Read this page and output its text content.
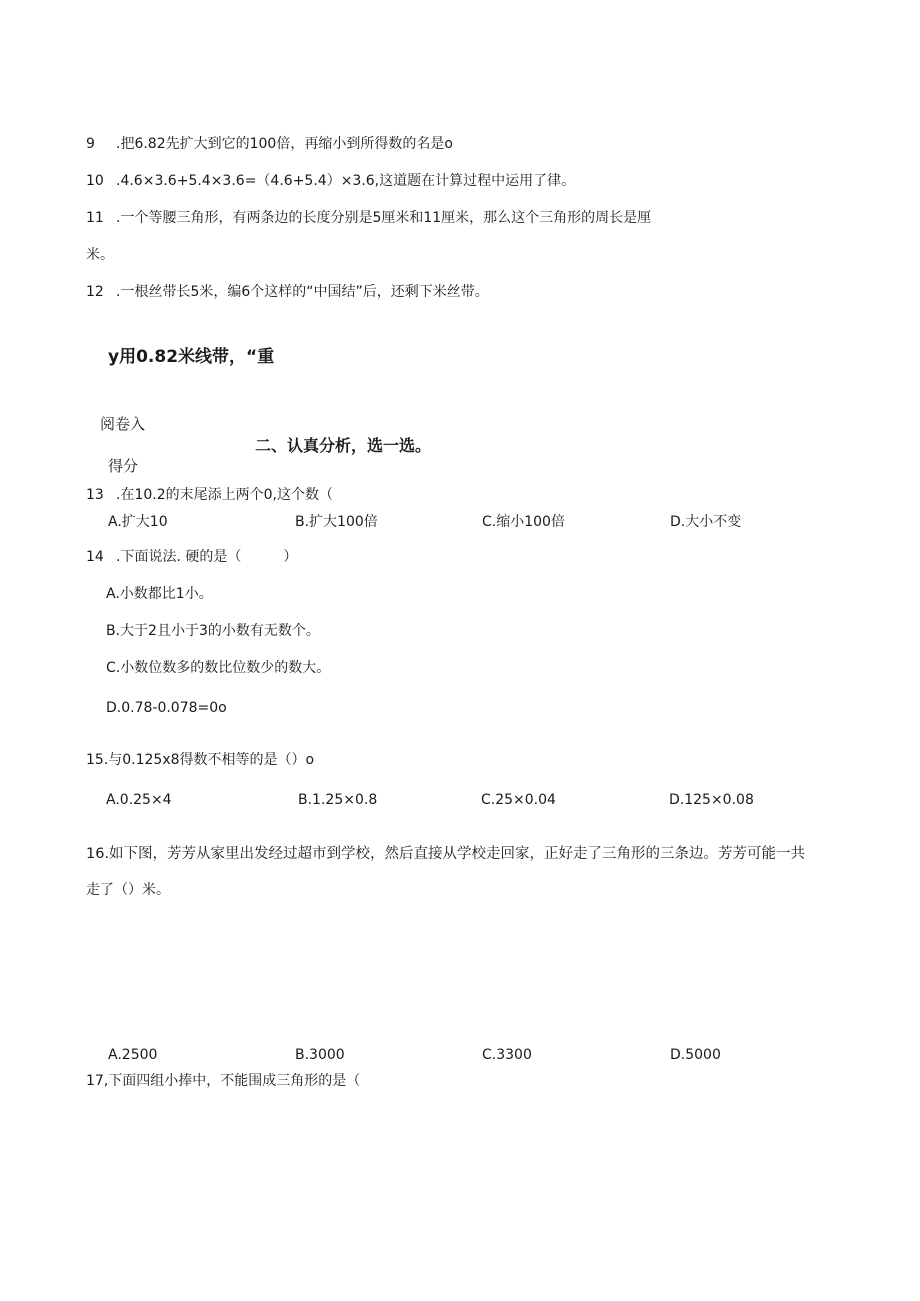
9 .把6.82先扩大到它的100倍，再缩小到所得数的名是o
10 .4.6×3.6+5.4×3.6=（4.6+5.4）×3.6,这道题在计算过程中运用了律。
11 .一个等腰三角形，有两条边的长度分别是5厘米和11厘米，那么这个三角形的周长是厘
米。
12 .一根丝带长5米，编6个这样的“中国结”后，还剩下米丝带。
y用0.82米线带，“重
阅卷入
二、认真分析，选一选。
得分
13 .在10.2的末尾添上两个0,这个数（
A.扩大10	B.扩大100倍	C.缩小100倍	D.大小不变
14 .下面说法. 硬的是（　　　）
A.小数都比1小。
B.大于2且小于3的小数有无数个。
C.小数位数多的数比位数少的数大。
D.0.78-0.078=0o
15.与0.125x8得数不相等的是（）o
A.0.25×4	B.1.25×0.8	C.25×0.04	D.125×0.08
16.如下图，芳芳从家里出发经过超市到学校，然后直接从学校走回家，正好走了三角形的三条边。芳芳可能一共
走了（）米。
A.2500	B.3000	C.3300	D.5000
17,下面四组小捧中，不能围成三角形的是（
